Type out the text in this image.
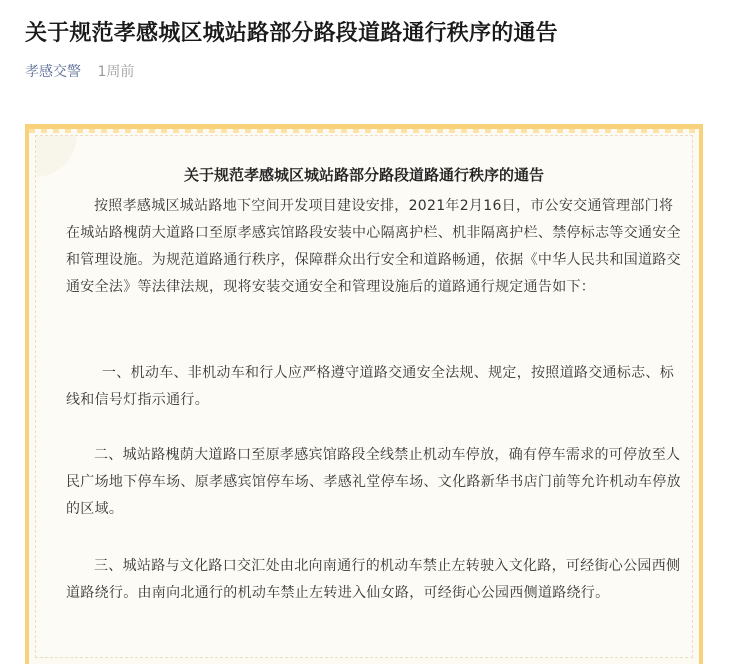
关于规范孝感城区城站路部分路段道路通行秩序的通告
孝感交警 1周前
关于规范孝感城区城站路部分路段道路通行秩序的通告

按照孝感城区城站路地下空间开发项目建设安排，2021年2月16日，市公安交通管理部门将在城站路槐荫大道路口至原孝感宾馆路段安装中心隔离护栏、机非隔离护栏、禁停标志等交通安全和管理设施。为规范道路通行秩序，保障群众出行安全和道路畅通，依据《中华人民共和国道路交通安全法》等法律法规，现将安装交通安全和管理设施后的道路通行规定通告如下：

一、机动车、非机动车和行人应严格遵守道路交通安全法规、规定，按照道路交通标志、标线和信号灯指示通行。

二、城站路槐荫大道路口至原孝感宾馆路段全线禁止机动车停放，确有停车需求的可停放至人民广场地下停车场、原孝感宾馆停车场、孝感礼堂停车场、文化路新华书店门前等允许机动车停放的区域。

三、城站路与文化路口交汇处由北向南通行的机动车禁止左转驶入文化路，可经街心公园西侧道路绕行。由南向北通行的机动车禁止左转进入仙女路，可经街心公园西侧道路绕行。
